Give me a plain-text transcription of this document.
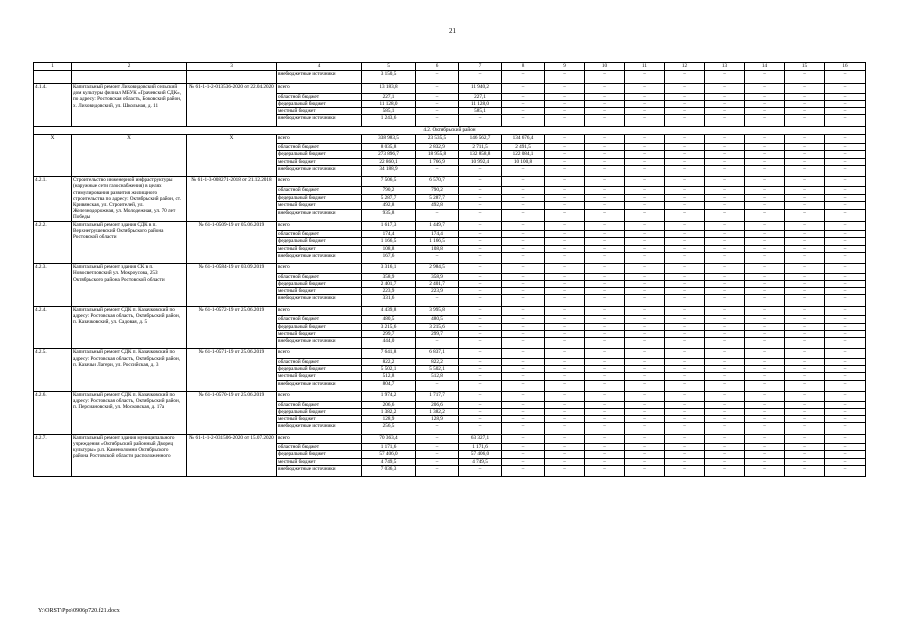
21
1	2	3	4	5	6	7	8	9	10	11	12	13	14	15	16
			внебюджетные источники	3 150,5	–	–	–	–	–	–	–	–	–	–	–
4.1.4.	Капитальный ремонт Лиховидовский сельский дом культуры филиал МБУК «Грачевский СДК», по адресу: Ростовская область, Боковский район, х. Лиховидовский, ул. Школьная, д. 11	№ 61-1-1-2-013536-2020 от 22.04.2020	всего	13 183,8	–	11 940,2	–	–	–	–	–	–	–	–	–
			областной бюджет	227,1	–	227,1	–	–	–	–	–	–	–	–	–
			федеральный бюджет	11 128,0	–	11 128,0	–	–	–	–	–	–	–	–	–
			местный бюджет	585,1	–	585,1	–	–	–	–	–	–	–	–	–
			внебюджетные источники	1 243,6	–	–	–	–	–	–	–	–	–	–	–
4.2. Октябрьский район															
Х	Х	Х	всего	338 983,5	23 535,5	146 562,7	134 676,4	–	–	–	–	–	–	–	–
			областной бюджет	8 035,8	2 832,9	2 711,5	2 491,5	–	–	–	–	–	–	–	–
			федеральный бюджет	273 896,7	18 955,8	132 858,8	122 084,1	–	–	–	–	–	–	–	–
			местный бюджет	22 860,1	1 766,9	10 992,4	10 100,8	–	–	–	–	–	–	–	–
			внебюджетные источники	34 188,9	–	–	–	–	–	–	–	–	–	–	–
4.2.1.	Строительство инженерной инфраструктуры (наружные сети газоснабжения) в целях стимулирования развития жилищного строительства по адресу: Октябрьский район, ст. Кривянская, ул. Строителей, ул. Железнодорожная, ул. Молодежная, ул. 70 лет Победы	№ 61-1-3-008271-2018 от 21.12.2018	всего	7 506,5	6 570,7	–	–	–	–	–	–	–	–	–	–
			областной бюджет	790,2	790,2	–	–	–	–	–	–	–	–	–	–
			федеральный бюджет	5 287,7	5 287,7	–	–	–	–	–	–	–	–	–	–
			местный бюджет	492,8	492,8	–	–	–	–	–	–	–	–	–	–
			внебюджетные источники	935,8	–	–	–	–	–	–	–	–	–	–	–
4.2.2.	Капитальный ремонт здания СДК в п. Верхнегрушевский Октябрьского района Ростовской области	№ 61-1-0509-19 от 05.06.2019	всего	1 617,3	1 449,7	–	–	–	–	–	–	–	–	–	–
			областной бюджет	174,4	174,4	–	–	–	–	–	–	–	–	–	–
			федеральный бюджет	1 166,5	1 166,5	–	–	–	–	–	–	–	–	–	–
			местный бюджет	108,8	108,8	–	–	–	–	–	–	–	–	–	–
			внебюджетные источники	167,6	–	–	–	–	–	–	–	–	–	–	–
4.2.3.	Капитальный ремонт здания СК в п. Новосветловский ул. Мокроусова, 25З Октябрьского района Ростовской области	№ 61-1-0584-19 от 03.09.2019	всего	3 316,1	2 984,5	–	–	–	–	–	–	–	–	–	–
			областной бюджет	358,9	358,9	–	–	–	–	–	–	–	–	–	–
			федеральный бюджет	2 401,7	2 401,7	–	–	–	–	–	–	–	–	–	–
			местный бюджет	223,9	223,9	–	–	–	–	–	–	–	–	–	–
			внебюджетные источники	331,6	–	–	–	–	–	–	–	–	–	–	–
4.2.4.	Капитальный ремонт СДК п. Казачковский по адресу: Ростовская область, Октябрьский район, п. Казачковский, ул. Садовая, д. 5	№ 61-1-0572-19 от 25.06.2019	всего	4 439,8	3 995,8	–	–	–	–	–	–	–	–	–	–
			областной бюджет	480,5	480,5	–	–	–	–	–	–	–	–	–	–
			федеральный бюджет	3 215,6	3 215,6	–	–	–	–	–	–	–	–	–	–
			местный бюджет	299,7	299,7	–	–	–	–	–	–	–	–	–	–
			внебюджетные источники	444,0	–	–	–	–	–	–	–	–	–	–	–
4.2.5.	Капитальный ремонт СДК п. Казачковский по адресу: Ростовская область, Октябрьский район, п. Казачьи Лагери, ул. Российская, д. 3	№ 61-1-0571-19 от 25.06.2019	всего	7 641,8	6 837,1	–	–	–	–	–	–	–	–	–	–
			областной бюджет	822,2	822,2	–	–	–	–	–	–	–	–	–	–
			федеральный бюджет	5 502,1	5 502,1	–	–	–	–	–	–	–	–	–	–
			местный бюджет	512,8	512,8	–	–	–	–	–	–	–	–	–	–
			внебюджетные источники	804,7	–	–	–	–	–	–	–	–	–	–	–
4.2.6.	Капитальный ремонт СДК п. Казачковский по адресу: Ростовская область, Октябрьский район, п. Персиановский, ул. Московская, д. 17а	№ 61-1-0570-19 от 25.06.2019	всего	1 974,2	1 717,7	–	–	–	–	–	–	–	–	–	–
			областной бюджет	206,6	206,6	–	–	–	–	–	–	–	–	–	–
			федеральный бюджет	1 382,2	1 382,2	–	–	–	–	–	–	–	–	–	–
			местный бюджет	128,9	128,9	–	–	–	–	–	–	–	–	–	–
			внебюджетные источники	256,5	–	–	–	–	–	–	–	–	–	–	–
4.2.7.	Капитальный ремонт здания муниципального учреждения «Октябрьский районный Дворец культуры» р.п. Каменоломни Октябрьского района Ростовской области расположенного	№ 61-1-1-2-031506-2020 от 15.07.2020	всего	70 363,4	–	63 327,1	–	–	–	–	–	–	–	–	–
			областной бюджет	1 171,6	–	1 171,6	–	–	–	–	–	–	–	–	–
			федеральный бюджет	57 406,0	–	57 406,0	–	–	–	–	–	–	–	–	–
			местный бюджет	4 749,5	–	4 749,5	–	–	–	–	–	–	–	–	–
			внебюджетные источники	7 036,3	–	–	–	–	–	–	–	–	–	–	–
Y:\ORST\Ppo\0906p720.f21.docx
